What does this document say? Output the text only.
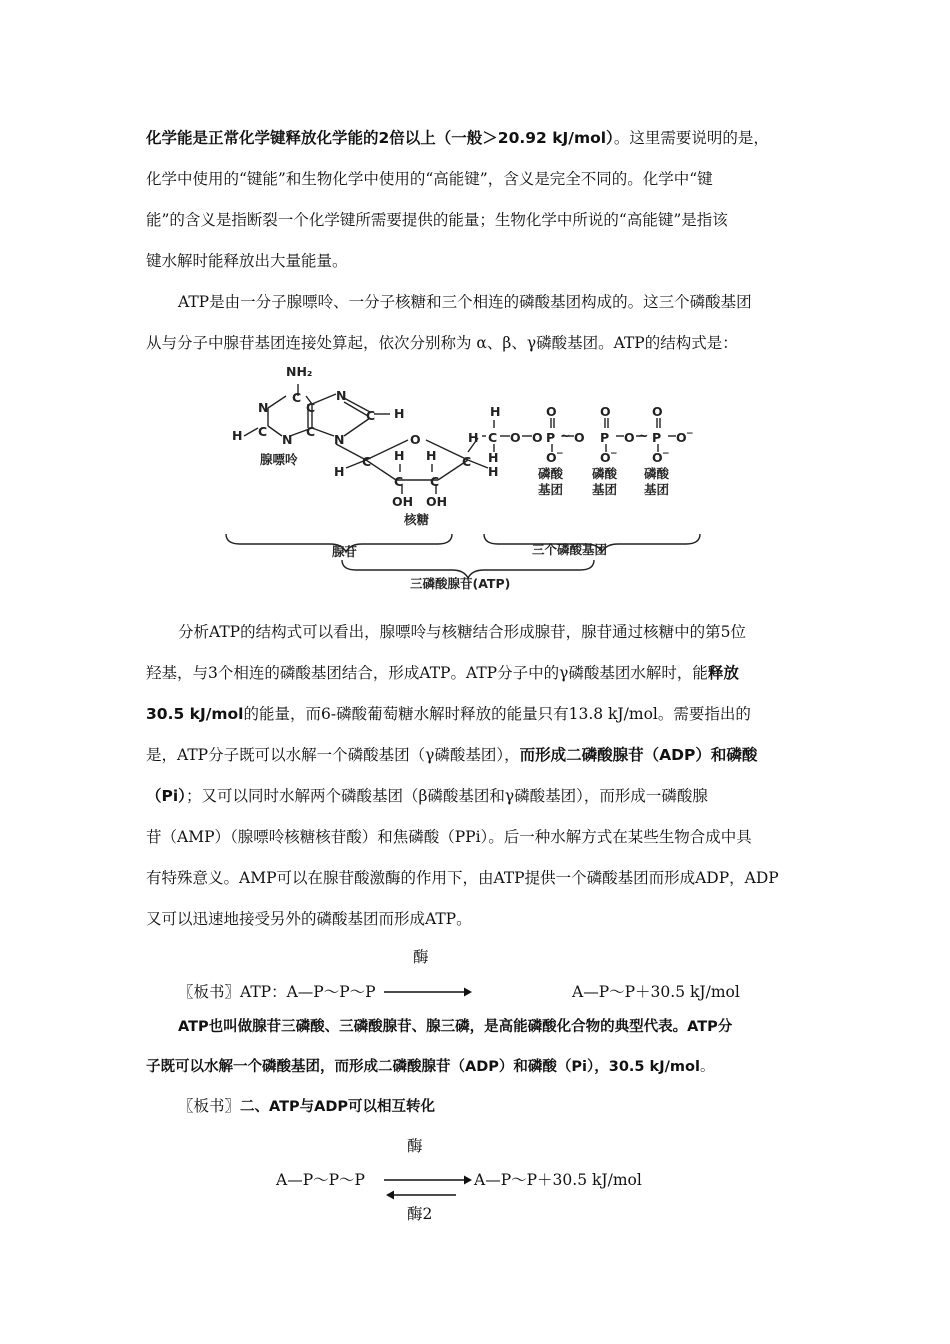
化学能是正常化学键释放化学能的2倍以上（一般＞20.92 kJ/mol）。这里需要说明的是，
化学中使用的“键能”和生物化学中使用的“高能键”，含义是完全不同的。化学中“键
能”的含义是指断裂一个化学键所需要提供的能量；生物化学中所说的“高能键”是指该
键水解时能释放出大量能量。
ATP是由一分子腺嘌呤、一分子核糖和三个相连的磷酸基团构成的。这三个磷酸基团
从与分子中腺苷基团连接处算起，依次分别称为 α、β、γ磷酸基团。ATP的结构式是：
NH₂
C
N
C
H	N
C
C
N
C H
N	O
C	C
H	H
H H
C C
OH OH
H
H C
H
O O
O
P
O −
~ O
O
P
O −
O ~
O
P
O −
O −
腺嘌呤
核糖
磷酸
基团
磷酸
基团
磷酸
基团
腺苷	三个磷酸基团
三磷酸腺苷(ATP)
分析ATP的结构式可以看出，腺嘌呤与核糖结合形成腺苷，腺苷通过核糖中的第5位
羟基，与3个相连的磷酸基团结合，形成ATP。ATP分子中的γ磷酸基团水解时，能释放
30.5 kJ/mol的能量，而6-磷酸葡萄糖水解时释放的能量只有13.8 kJ/mol。需要指出的
是，ATP分子既可以水解一个磷酸基团（γ磷酸基团），而形成二磷酸腺苷（ADP）和磷酸
（Pi）；又可以同时水解两个磷酸基团（β磷酸基团和γ磷酸基团），而形成一磷酸腺
苷（AMP）（腺嘌呤核糖核苷酸）和焦磷酸（PPi）。后一种水解方式在某些生物合成中具
有特殊意义。AMP可以在腺苷酸激酶的作用下，由ATP提供一个磷酸基团而形成ADP，ADP
又可以迅速地接受另外的磷酸基团而形成ATP。
酶
〖板书〗ATP：A—P～P～P	A—P～P＋30.5 kJ/mol
ATP也叫做腺苷三磷酸、三磷酸腺苷、腺三磷，是高能磷酸化合物的典型代表。ATP分
子既可以水解一个磷酸基团，而形成二磷酸腺苷（ADP）和磷酸（Pi），30.5 kJ/mol。
〖板书〗二、ATP与ADP可以相互转化
酶
A—P～P～P	A—P～P＋30.5 kJ/mol
酶2
